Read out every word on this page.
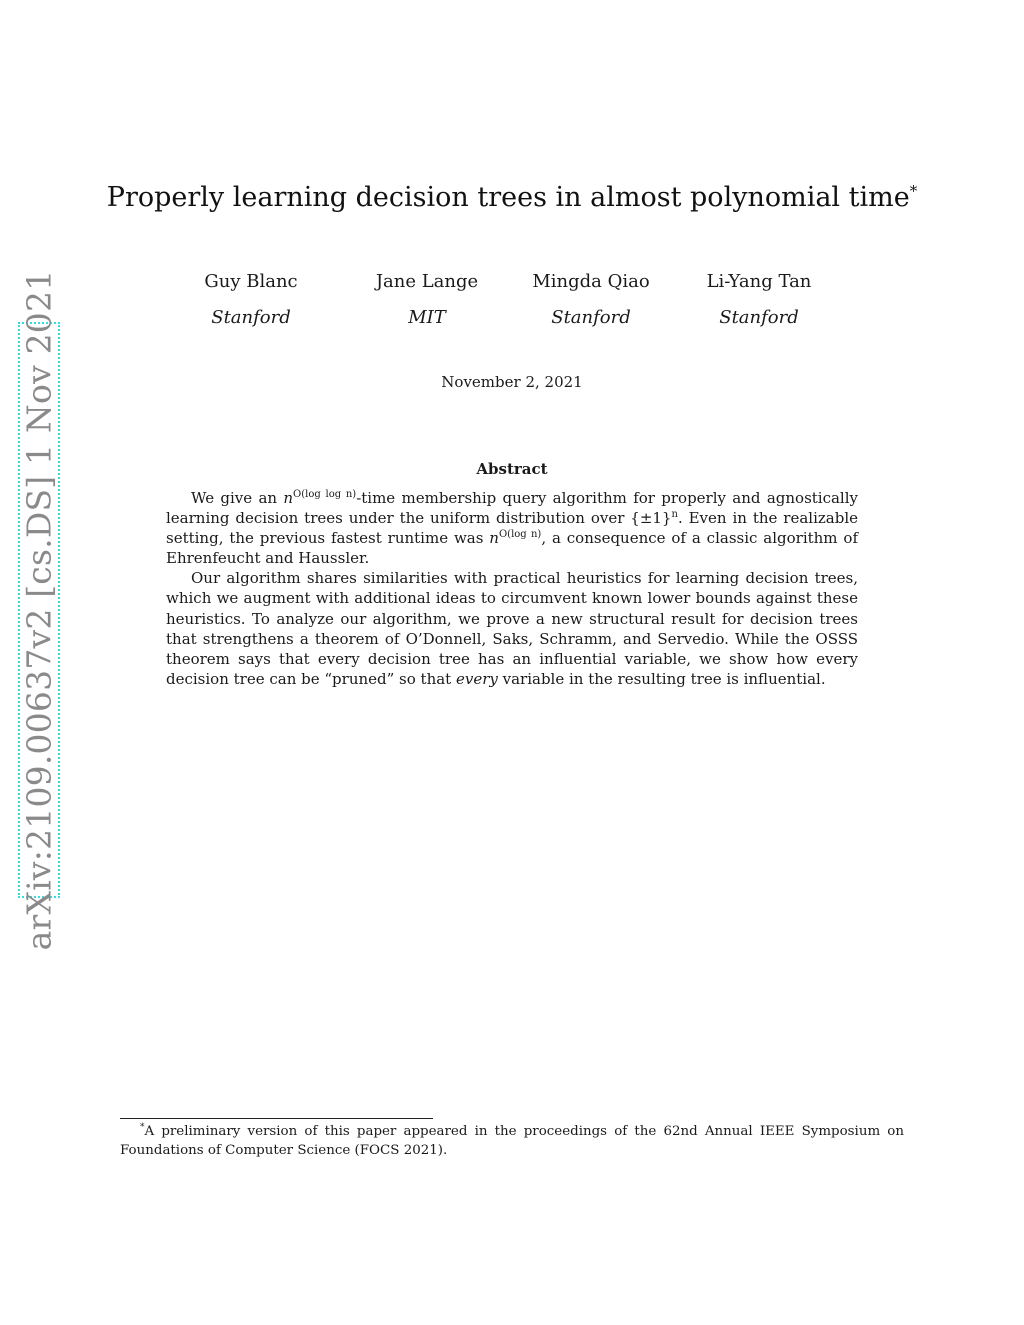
arXiv:2109.00637v2 [cs.DS] 1 Nov 2021
Properly learning decision trees in almost polynomial time*
Guy Blanc
Stanford
Jane Lange
MIT
Mingda Qiao
Stanford
Li-Yang Tan
Stanford
November 2, 2021
Abstract

We give an $n^{O(log log n)}$-time membership query algorithm for properly and agnostically learning decision trees under the uniform distribution over $\{\pm 1\}^n$. Even in the realizable setting, the previous fastest runtime was $n^{O(log n)}$, a consequence of a classic algorithm of Ehrenfeucht and Haussler.

Our algorithm shares similarities with practical heuristics for learning decision trees, which we augment with additional ideas to circumvent known lower bounds against these heuristics. To analyze our algorithm, we prove a new structural result for decision trees that strengthens a theorem of O’Donnell, Saks, Schramm, and Servedio. While the OSSS theorem says that every decision tree has an influential variable, we show how every decision tree can be “pruned” so that every variable in the resulting tree is influential.

*A preliminary version of this paper appeared in the proceedings of the 62nd Annual IEEE Symposium on Foundations of Computer Science (FOCS 2021).
